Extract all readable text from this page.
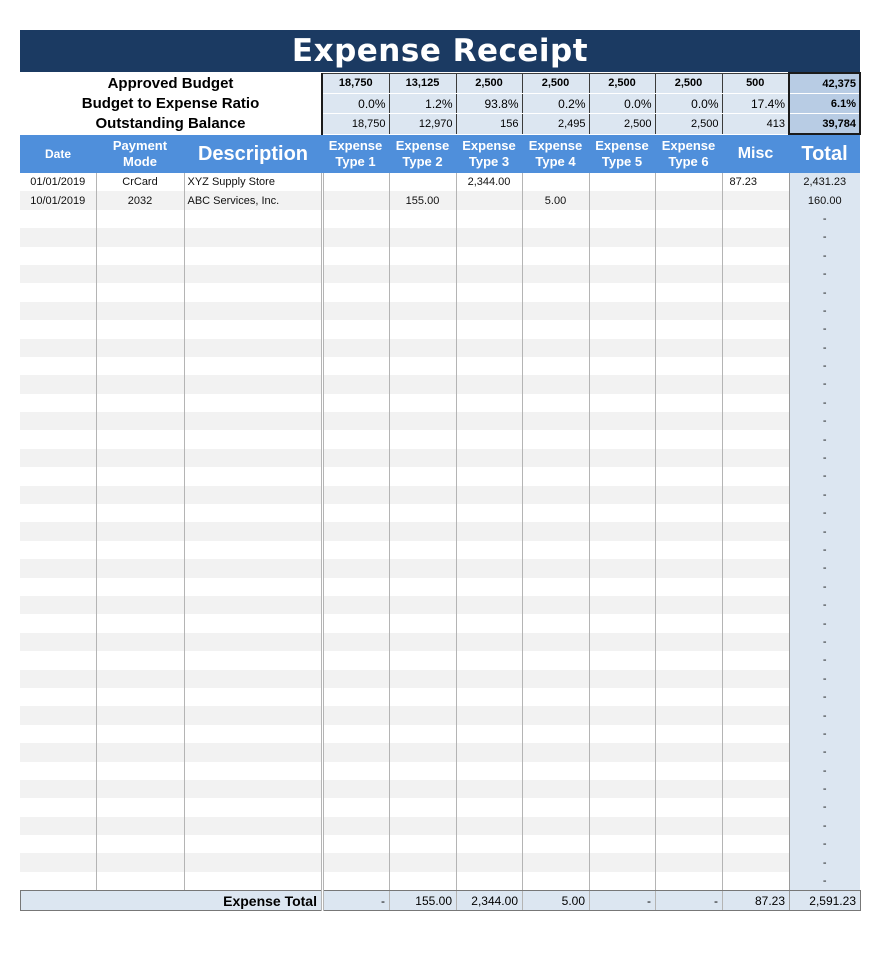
Expense Receipt
Approved Budget	18,750	13,125	2,500	2,500	2,500	2,500	500	42,375
Budget to Expense Ratio	0.0%	1.2%	93.8%	0.2%	0.0%	0.0%	17.4%	6.1%
Outstanding Balance	18,750	12,970	156	2,495	2,500	2,500	413	39,784
Date	Payment Mode	Description	Expense Type 1	Expense Type 2	Expense Type 3	Expense Type 4	Expense Type 5	Expense Type 6	Misc	Total
01/01/2019	CrCard	XYZ Supply Store			2,344.00				87.23	2,431.23
10/01/2019	2032	ABC Services, Inc.		155.00		5.00				160.00
										-
										-
										-
										-
										-
										-
										-
										-
										-
										-
										-
										-
										-
										-
										-
										-
										-
										-
										-
										-
										-
										-
										-
										-
										-
										-
										-
										-
										-
										-
										-
										-
										-
										-
										-
										-
										-
Expense Total	-	155.00	2,344.00	5.00	-	-	87.23	2,591.23
